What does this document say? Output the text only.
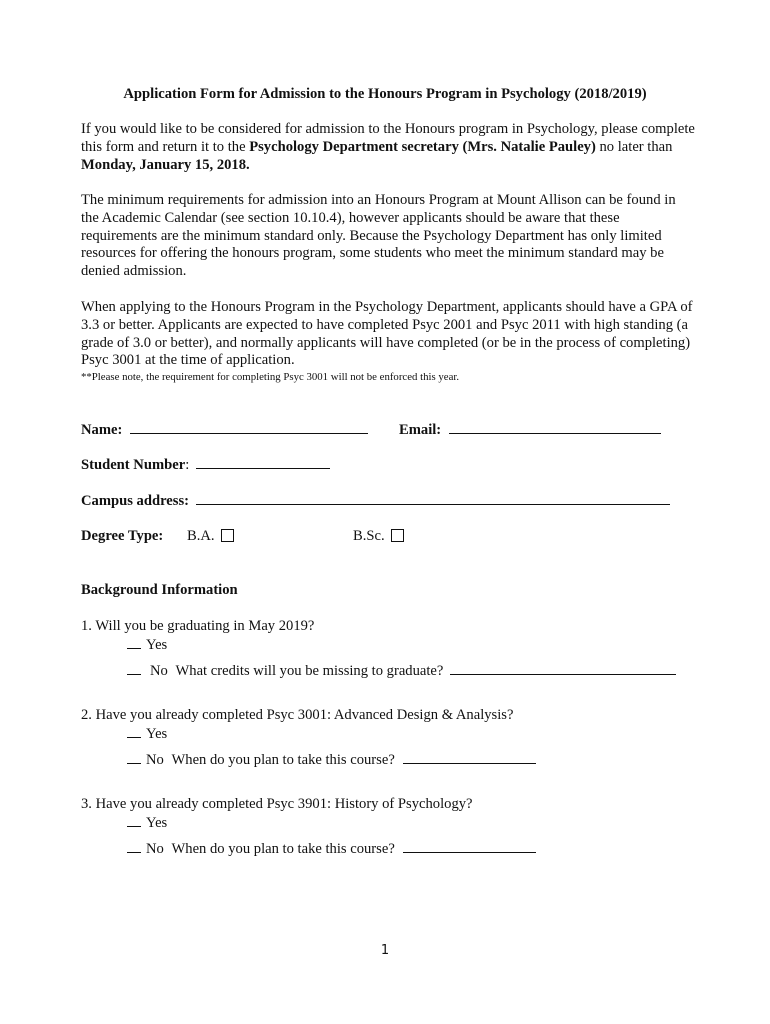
Application Form for Admission to the Honours Program in Psychology (2018/2019)
If you would like to be considered for admission to the Honours program in Psychology, please complete this form and return it to the Psychology Department secretary (Mrs. Natalie Pauley) no later than Monday, January 15, 2018.
The minimum requirements for admission into an Honours Program at Mount Allison can be found in the Academic Calendar (see section 10.10.4), however applicants should be aware that these requirements are the minimum standard only. Because the Psychology Department has only limited resources for offering the honours program, some students who meet the minimum standard may be denied admission.
When applying to the Honours Program in the Psychology Department, applicants should have a GPA of 3.3 or better. Applicants are expected to have completed Psyc 2001 and Psyc 2011 with high standing (a grade of 3.0 or better), and normally applicants will have completed (or be in the process of completing) Psyc 3001 at the time of application.
**Please note, the requirement for completing Psyc 3001 will not be enforced this year.
Name:	Email:
Student Number:
Campus address:
Degree Type: B.A.	B.Sc.
Background Information
1. Will you be graduating in May 2019?
Yes
No What credits will you be missing to graduate?
2. Have you already completed Psyc 3001: Advanced Design & Analysis?
Yes
No When do you plan to take this course?
3. Have you already completed Psyc 3901: History of Psychology?
Yes
No When do you plan to take this course?
1
